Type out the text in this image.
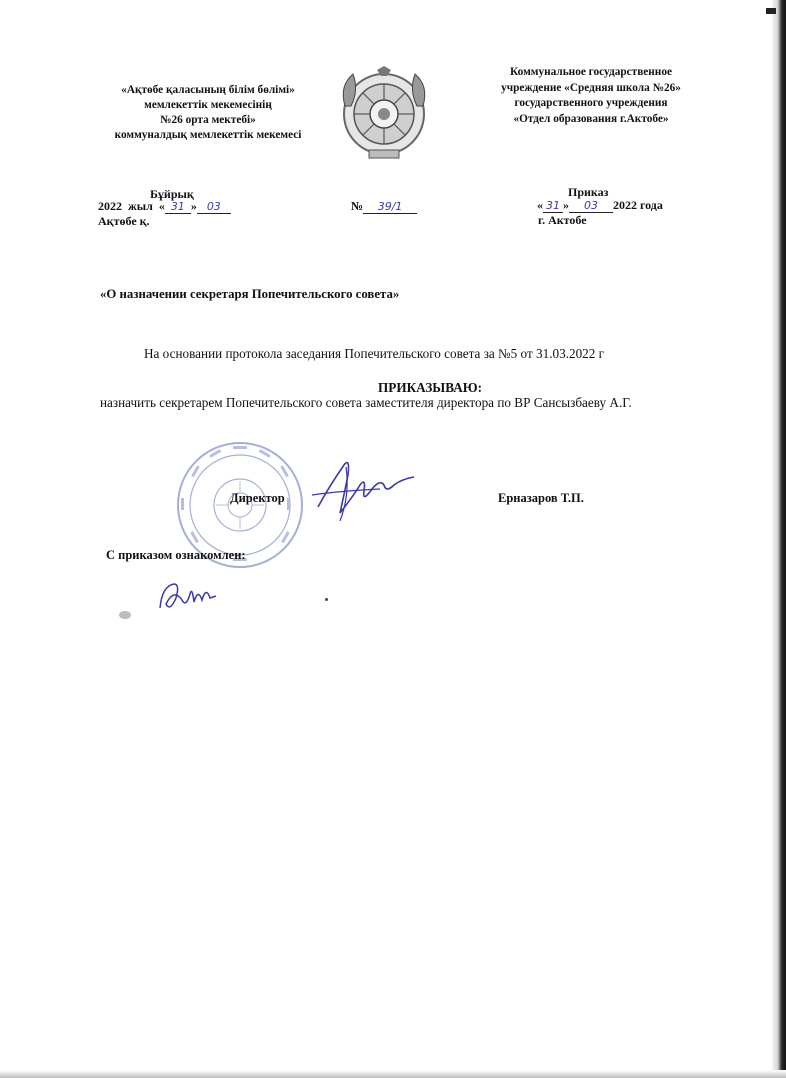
«Ақтөбе қаласының білім бөлімі»
мемлекеттік мекемесінің
№26 орта мектебі»
коммуналдық мемлекеттік мекемесі
Коммунальное государственное
учреждение «Средняя школа №26»
государственного учреждения
«Отдел образования г.Актобе»
Бұйрық
2022 жыл  « 31 » 03
Ақтөбе қ.
№ 39/1
Приказ
« 31 » 03 2022 года
г. Актобе
«О назначении секретаря Попечительского совета»
На основании протокола заседания Попечительского совета за №5 от 31.03.2022 г
ПРИКАЗЫВАЮ:
назначить секретарем Попечительского совета заместителя директора по ВР Сансызбаеву А.Г.
Директор	Ерназаров Т.П.
С приказом ознакомлен:
